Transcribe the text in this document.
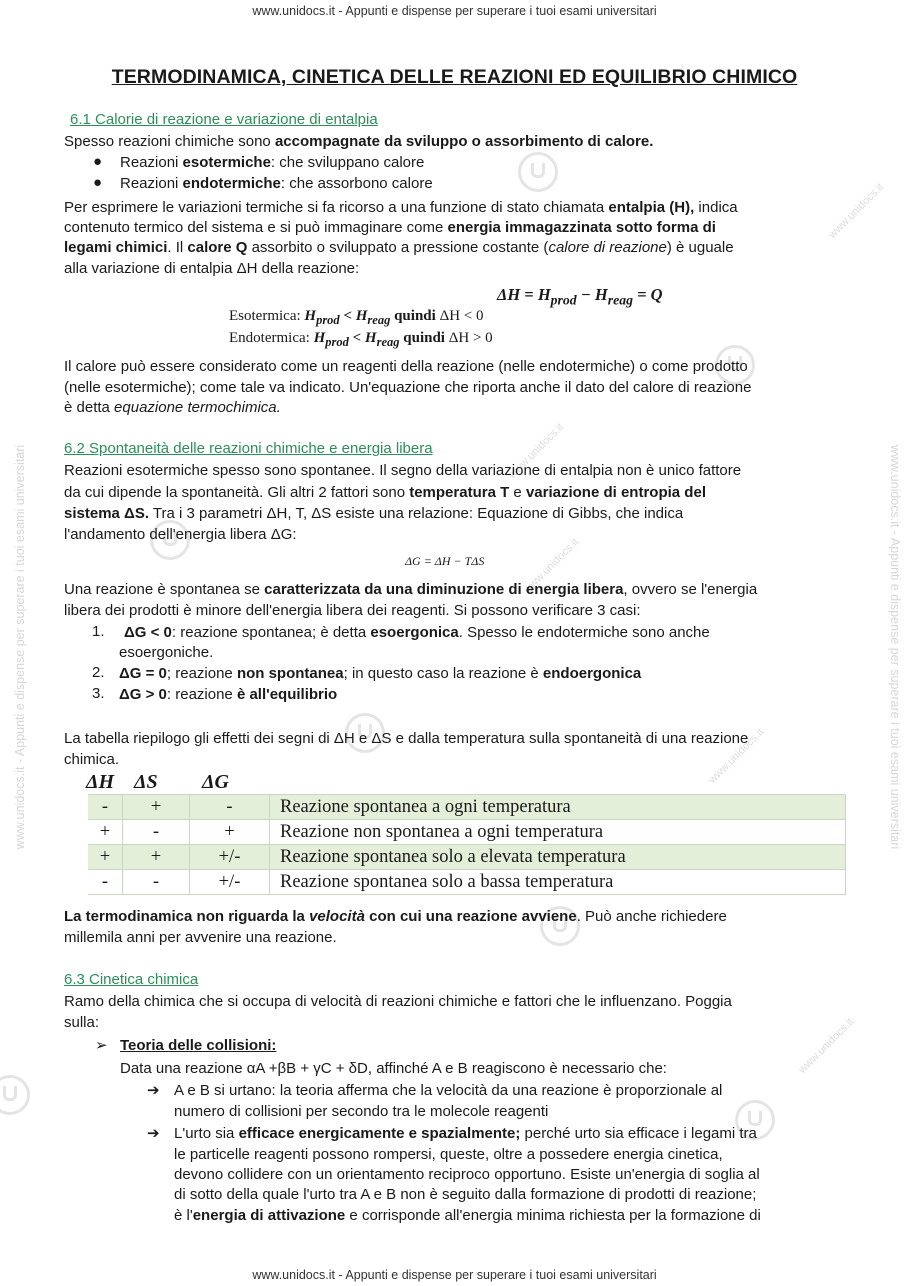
www.unidocs.it - Appunti e dispense per superare i tuoi esami universitari
www.unidocs.it - Appunti e dispense per superare i tuoi esami universitari
www.unidocs.it - Appunti e dispense per superare i tuoi esami universitari	www.unidocs.it - Appunti e dispense per superare i tuoi esami universitari
www.unidocs.it
www.unidocs.it
www.unidocs.it
www.unidocs.it
www.unidocs.it
TERMODINAMICA, CINETICA DELLE REAZIONI ED EQUILIBRIO CHIMICO
6.1 Calorie di reazione e variazione di entalpia
Spesso reazioni chimiche sono accompagnate da sviluppo o assorbimento di calore.
● Reazioni esotermiche: che sviluppano calore
● Reazioni endotermiche: che assorbono calore
Per esprimere le variazioni termiche si fa ricorso a una funzione di stato chiamata entalpia (H), indica
contenuto termico del sistema e si può immaginare come energia immagazzinata sotto forma di
legami chimici. Il calore Q assorbito o sviluppato a pressione costante (calore di reazione) è uguale
alla variazione di entalpia ΔH della reazione:
$\Delta H = H_{prod} - H_{reag} = Q$
Esotermica: $H_{prod} < H_{reag}$ quindi ΔH < 0
Endotermica: $H_{prod} < H_{reag}$ quindi ΔH > 0
Il calore può essere considerato come un reagenti della reazione (nelle endotermiche) o come prodotto
(nelle esotermiche); come tale va indicato. Un'equazione che riporta anche il dato del calore di reazione
è detta equazione termochimica.
6.2 Spontaneità delle reazioni chimiche e energia libera
Reazioni esotermiche spesso sono spontanee. Il segno della variazione di entalpia non è unico fattore
da cui dipende la spontaneità. Gli altri 2 fattori sono temperatura T e variazione di entropia del
sistema ΔS. Tra i 3 parametri ΔH, T, ΔS esiste una relazione: Equazione di Gibbs, che indica
l'andamento dell'energia libera ΔG:
ΔG = ΔH − TΔS
Una reazione è spontanea se caratterizzata da una diminuzione di energia libera, ovvero se l'energia
libera dei prodotti è minore dell'energia libera dei reagenti. Si possono verificare 3 casi:
1. ΔG < 0: reazione spontanea; è detta esoergonica. Spesso le endotermiche sono anche
esoergoniche.
2. ΔG = 0; reazione non spontanea; in questo caso la reazione è endoergonica
3. ΔG > 0: reazione è all'equilibrio
La tabella riepilogo gli effetti dei segni di ΔH e ΔS e dalla temperatura sulla spontaneità di una reazione
chimica.
ΔH ΔS ΔG
-	+	-	Reazione spontanea a ogni temperatura
+	-	+	Reazione non spontanea a ogni temperatura
+	+	+/-	Reazione spontanea solo a elevata temperatura
-	-	+/-	Reazione spontanea solo a bassa temperatura
La termodinamica non riguarda la velocità con cui una reazione avviene. Può anche richiedere
millemila anni per avvenire una reazione.
6.3 Cinetica chimica
Ramo della chimica che si occupa di velocità di reazioni chimiche e fattori che le influenzano. Poggia
sulla:
➢ Teoria delle collisioni:
Data una reazione αA +βB + γC + δD, affinché A e B reagiscono è necessario che:
➔ A e B si urtano: la teoria afferma che la velocità da una reazione è proporzionale al
numero di collisioni per secondo tra le molecole reagenti
➔ L'urto sia efficace energicamente e spazialmente; perché urto sia efficace i legami tra
le particelle reagenti possono rompersi, queste, oltre a possedere energia cinetica,
devono collidere con un orientamento reciproco opportuno. Esiste un'energia di soglia al
di sotto della quale l'urto tra A e B non è seguito dalla formazione di prodotti di reazione;
è l'energia di attivazione e corrisponde all'energia minima richiesta per la formazione di
